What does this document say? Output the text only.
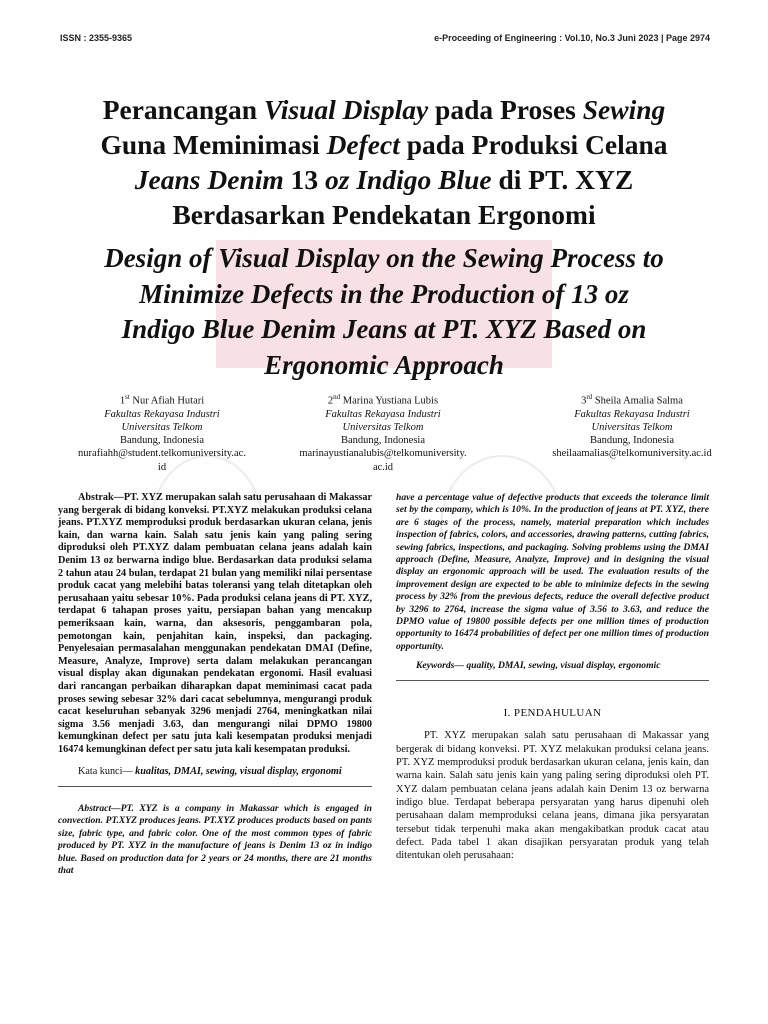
ISSN : 2355-9365	e-Proceeding of Engineering : Vol.10, No.3 Juni 2023 | Page 2974
Perancangan Visual Display pada Proses Sewing
Guna Meminimasi Defect pada Produksi Celana
Jeans Denim 13 oz Indigo Blue di PT. XYZ
Berdasarkan Pendekatan Ergonomi
Design of Visual Display on the Sewing Process to
Minimize Defects in the Production of 13 oz
Indigo Blue Denim Jeans at PT. XYZ Based on
Ergonomic Approach
1st Nur Afiah Hutari
Fakultas Rekayasa Industri
Universitas Telkom
Bandung, Indonesia
nurafiahh@student.telkomuniversity.ac.
id
2nd Marina Yustiana Lubis
Fakultas Rekayasa Industri
Universitas Telkom
Bandung, Indonesia
marinayustianalubis@telkomuniversity.
ac.id
3rd Sheila Amalia Salma
Fakultas Rekayasa Industri
Universitas Telkom
Bandung, Indonesia
sheilaamalias@telkomuniversity.ac.id

Abstrak—PT. XYZ merupakan salah satu perusahaan di Makassar yang bergerak di bidang konveksi. PT.XYZ melakukan produksi celana jeans. PT.XYZ memproduksi produk berdasarkan ukuran celana, jenis kain, dan warna kain. Salah satu jenis kain yang paling sering diproduksi oleh PT.XYZ dalam pembuatan celana jeans adalah kain Denim 13 oz berwarna indigo blue. Berdasarkan data produksi selama 2 tahun atau 24 bulan, terdapat 21 bulan yang memiliki nilai persentase produk cacat yang melebihi batas toleransi yang telah ditetapkan oleh perusahaan yaitu sebesar 10%. Pada produksi celana jeans di PT. XYZ, terdapat 6 tahapan proses yaitu, persiapan bahan yang mencakup pemeriksaan kain, warna, dan aksesoris, penggambaran pola, pemotongan kain, penjahitan kain, inspeksi, dan packaging. Penyelesaian permasalahan menggunakan pendekatan DMAI (Define, Measure, Analyze, Improve) serta dalam melakukan perancangan visual display akan digunakan pendekatan ergonomi. Hasil evaluasi dari rancangan perbaikan diharapkan dapat meminimasi cacat pada proses sewing sebesar 32% dari cacat sebelumnya, mengurangi produk cacat keseluruhan sebanyak 3296 menjadi 2764, meningkatkan nilai sigma 3.56 menjadi 3.63, dan mengurangi nilai DPMO 19800 kemungkinan defect per satu juta kali kesempatan produksi menjadi 16474 kemungkinan defect per satu juta kali kesempatan produksi.

Kata kunci— kualitas, DMAI, sewing, visual display, ergonomi

Abstract—PT. XYZ is a company in Makassar which is engaged in convection. PT.XYZ produces jeans. PT.XYZ produces products based on pants size, fabric type, and fabric color. One of the most common types of fabric produced by PT. XYZ in the manufacture of jeans is Denim 13 oz in indigo blue. Based on production data for 2 years or 24 months, there are 21 months that

have a percentage value of defective products that exceeds the tolerance limit set by the company, which is 10%. In the production of jeans at PT. XYZ, there are 6 stages of the process, namely, material preparation which includes inspection of fabrics, colors, and accessories, drawing patterns, cutting fabrics, sewing fabrics, inspections, and packaging. Solving problems using the DMAI approach (Define, Measure, Analyze, Improve) and in designing the visual display an ergonomic approach will be used. The evaluation results of the improvement design are expected to be able to minimize defects in the sewing process by 32% from the previous defects, reduce the overall defective product by 3296 to 2764, increase the sigma value of 3.56 to 3.63, and reduce the DPMO value of 19800 possible defects per one million times of production opportunity to 16474 probabilities of defect per one million times of production opportunity.

Keywords— quality, DMAI, sewing, visual display, ergonomic

I. PENDAHULUAN

PT. XYZ merupakan salah satu perusahaan di Makassar yang bergerak di bidang konveksi. PT. XYZ melakukan produksi celana jeans. PT. XYZ memproduksi produk berdasarkan ukuran celana, jenis kain, dan warna kain. Salah satu jenis kain yang paling sering diproduksi oleh PT. XYZ dalam pembuatan celana jeans adalah kain Denim 13 oz berwarna indigo blue. Terdapat beberapa persyaratan yang harus dipenuhi oleh perusahaan dalam memproduksi celana jeans, dimana jika persyaratan tersebut tidak terpenuhi maka akan mengakibatkan produk cacat atau defect. Pada tabel 1 akan disajikan persyaratan produk yang telah ditentukan oleh perusahaan:
